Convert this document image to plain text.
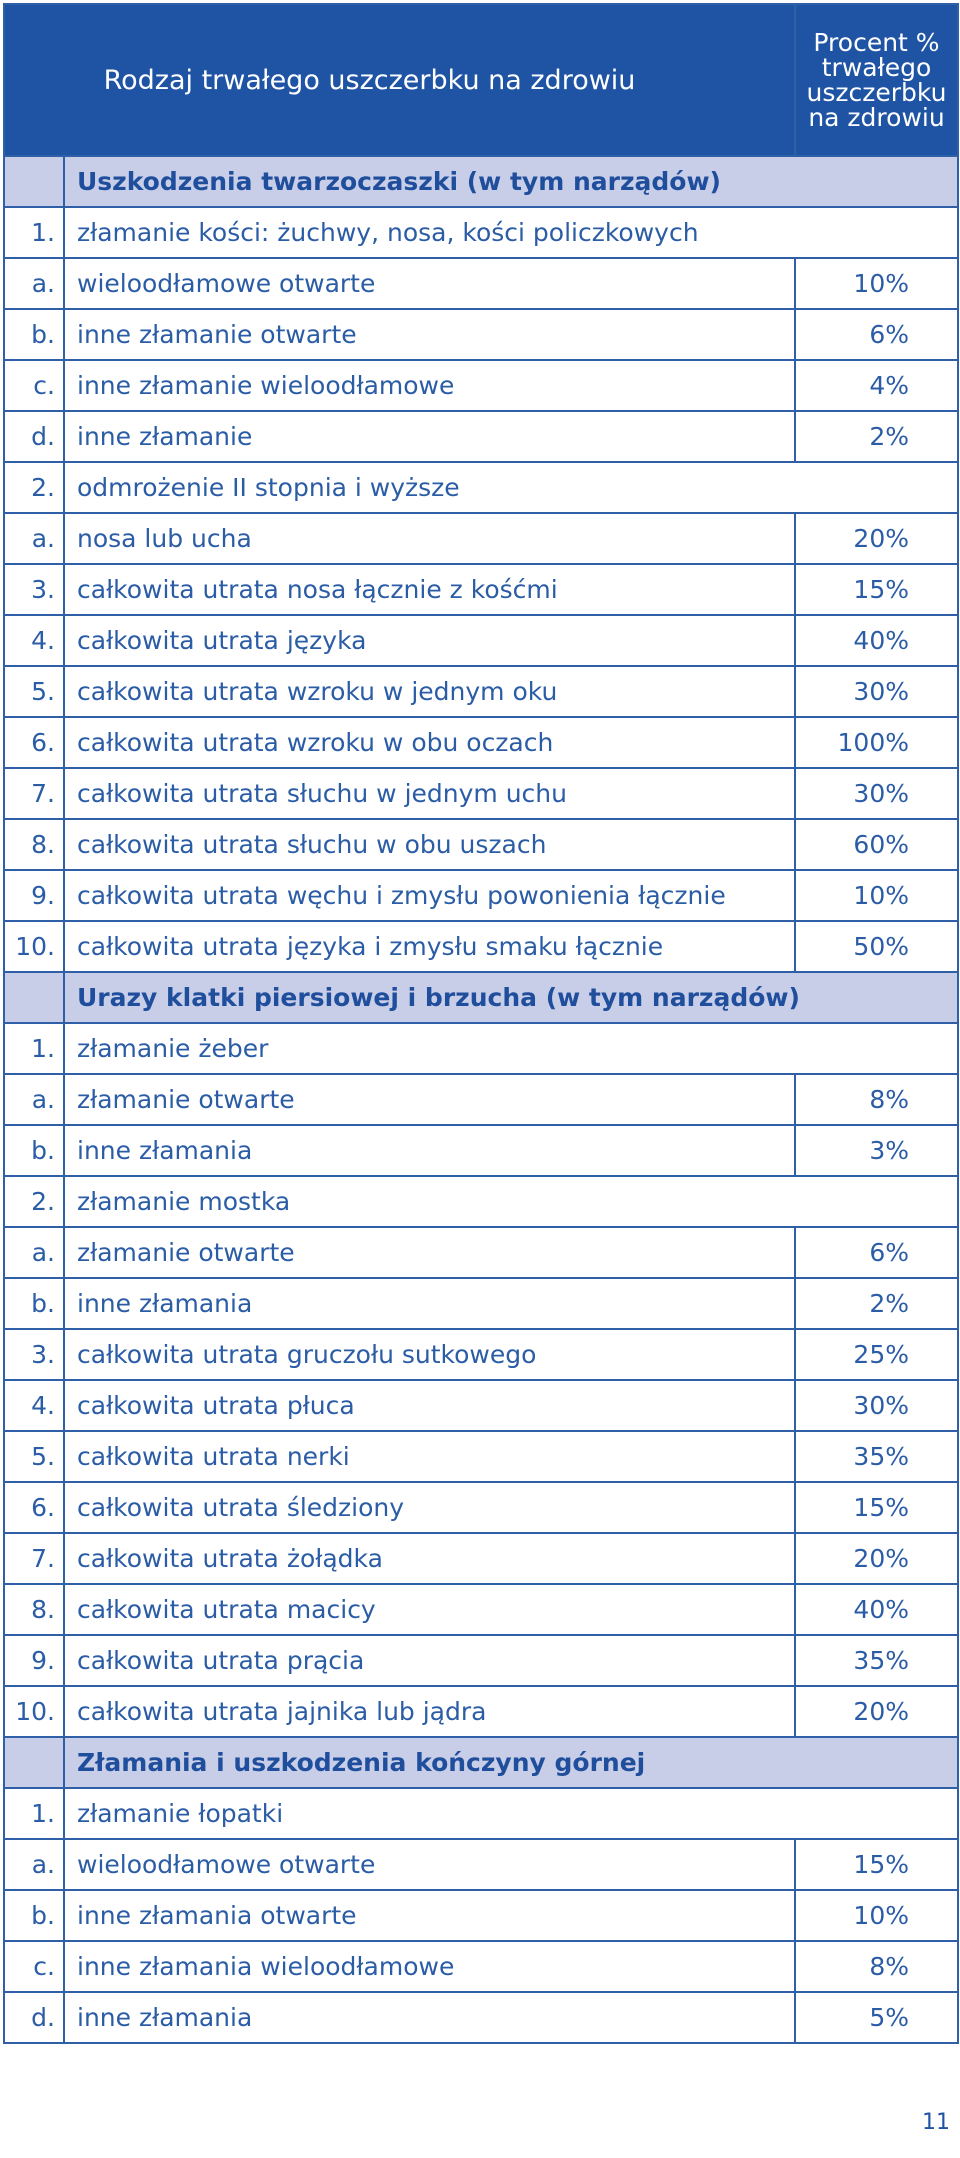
Rodzaj trwałego uszczerbku na zdrowiu		Procent %
trwałego
uszczerbku
na zdrowiu

	Uszkodzenia twarzoczaszki (w tym narządów)	
1.	złamanie kości: żuchwy, nosa, kości policzkowych	
a.	wieloodłamowe otwarte	10%
b.	inne złamanie otwarte	6%
c.	inne złamanie wieloodłamowe	4%
d.	inne złamanie	2%
2.	odmrożenie II stopnia i wyższe	
a.	nosa lub ucha	20%
3.	całkowita utrata nosa łącznie z kośćmi	15%
4.	całkowita utrata języka	40%
5.	całkowita utrata wzroku w jednym oku	30%
6.	całkowita utrata wzroku w obu oczach	100%
7.	całkowita utrata słuchu w jednym uchu	30%
8.	całkowita utrata słuchu w obu uszach	60%
9.	całkowita utrata węchu i zmysłu powonienia łącznie	10%
10.	całkowita utrata języka i zmysłu smaku łącznie	50%
	Urazy klatki piersiowej i brzucha (w tym narządów)	
1.	złamanie żeber	
a.	złamanie otwarte	8%
b.	inne złamania	3%
2.	złamanie mostka	
a.	złamanie otwarte	6%
b.	inne złamania	2%
3.	całkowita utrata gruczołu sutkowego	25%
4.	całkowita utrata płuca	30%
5.	całkowita utrata nerki	35%
6.	całkowita utrata śledziony	15%
7.	całkowita utrata żołądka	20%
8.	całkowita utrata macicy	40%
9.	całkowita utrata prącia	35%
10.	całkowita utrata jajnika lub jądra	20%
	Złamania i uszkodzenia kończyny górnej	
1.	złamanie łopatki	
a.	wieloodłamowe otwarte	15%
b.	inne złamania otwarte	10%
c.	inne złamania wieloodłamowe	8%
d.	inne złamania	5%
11
